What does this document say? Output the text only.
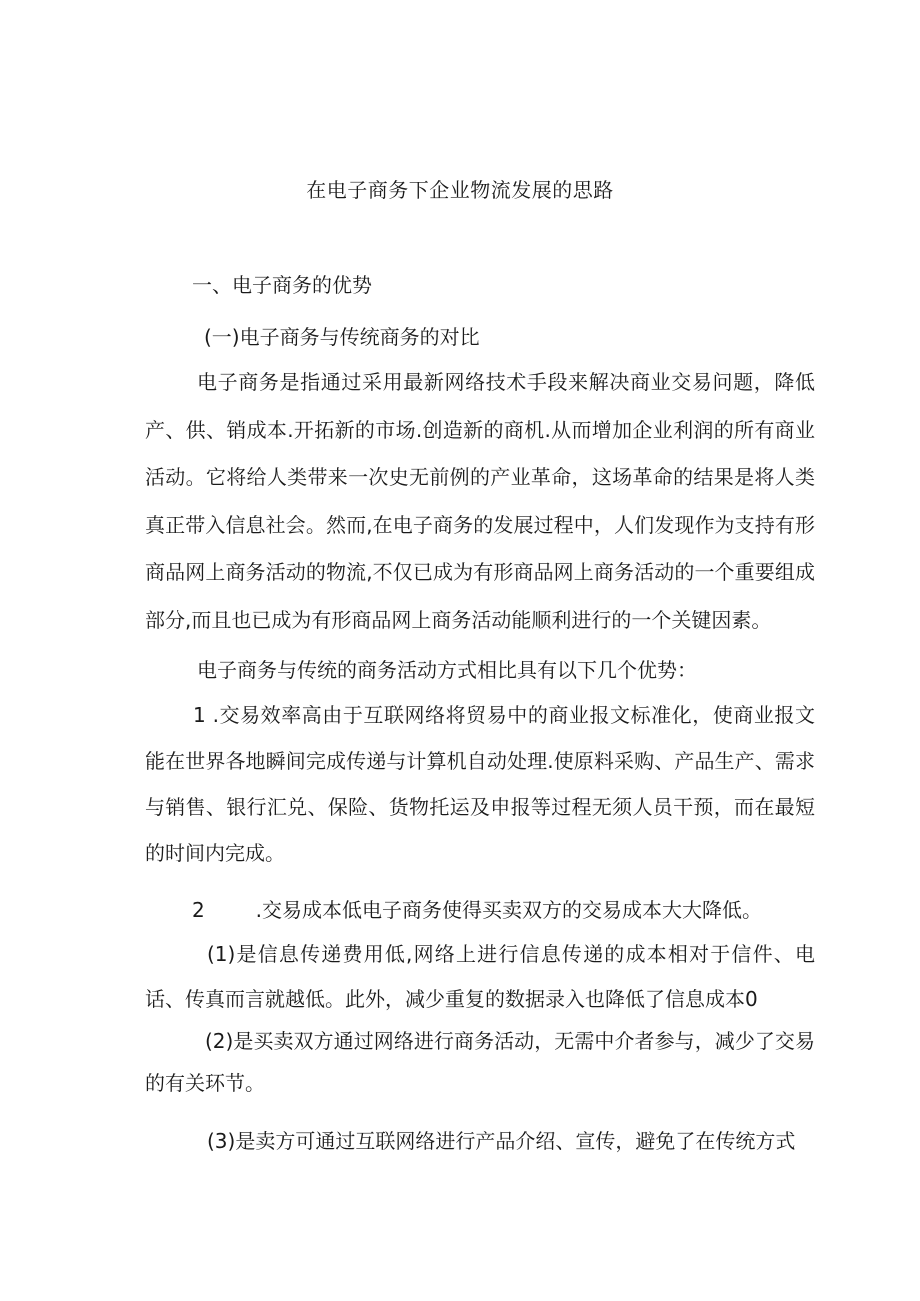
在电子商务下企业物流发展的思路
一、电子商务的优势
(一)电子商务与传统商务的对比
电子商务是指通过采用最新网络技术手段来解决商业交易问题，降低产、供、销成本.开拓新的市场.创造新的商机.从而增加企业利润的所有商业活动。它将给人类带来一次史无前例的产业革命，这场革命的结果是将人类真正带入信息社会。然而,在电子商务的发展过程中，人们发现作为支持有形商品网上商务活动的物流,不仅已成为有形商品网上商务活动的一个重要组成部分,而且也已成为有形商品网上商务活动能顺利进行的一个关键因素。
电子商务与传统的商务活动方式相比具有以下几个优势：
1 .交易效率高由于互联网络将贸易中的商业报文标准化，使商业报文能在世界各地瞬间完成传递与计算机自动处理.使原料采购、产品生产、需求与销售、银行汇兑、保险、货物托运及申报等过程无须人员干预，而在最短的时间内完成。
2        .交易成本低电子商务使得买卖双方的交易成本大大降低。
(1)是信息传递费用低,网络上进行信息传递的成本相对于信件、电话、传真而言就越低。此外，减少重复的数据录入也降低了信息成本0
(2)是买卖双方通过网络进行商务活动，无需中介者参与，减少了交易的有关环节。
(3)是卖方可通过互联网络进行产品介绍、宣传，避免了在传统方式
